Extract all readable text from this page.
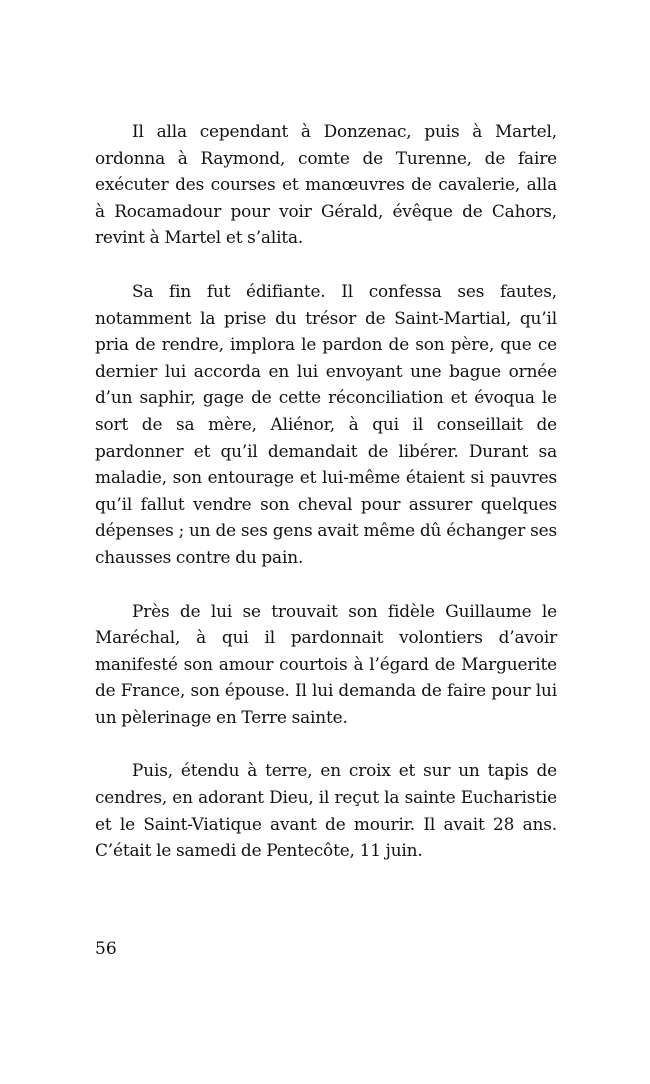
Il alla cependant à Donzenac, puis à Martel, ordonna à Raymond, comte de Turenne, de faire exécuter des courses et manœuvres de cavalerie, alla à Rocamadour pour voir Gérald, évêque de Cahors, revint à Martel et s’alita.

Sa fin fut édifiante. Il confessa ses fautes, notamment la prise du trésor de Saint-Martial, qu’il pria de rendre, implora le pardon de son père, que ce dernier lui accorda en lui envoyant une bague ornée d’un saphir, gage de cette réconciliation et évoqua le sort de sa mère, Aliénor, à qui il conseillait de pardonner et qu’il demandait de libérer. Durant sa maladie, son entourage et lui-même étaient si pauvres qu’il fallut vendre son cheval pour assurer quelques dépenses ; un de ses gens avait même dû échanger ses chausses contre du pain.

Près de lui se trouvait son fidèle Guillaume le Maréchal, à qui il pardonnait volontiers d’avoir manifesté son amour courtois à l’égard de Marguerite de France, son épouse. Il lui demanda de faire pour lui un pèlerinage en Terre sainte.

Puis, étendu à terre, en croix et sur un tapis de cendres, en adorant Dieu, il reçut la sainte Eucharistie et le Saint-Viatique avant de mourir. Il avait 28 ans. C’était le samedi de Pentecôte, 11 juin.

56
